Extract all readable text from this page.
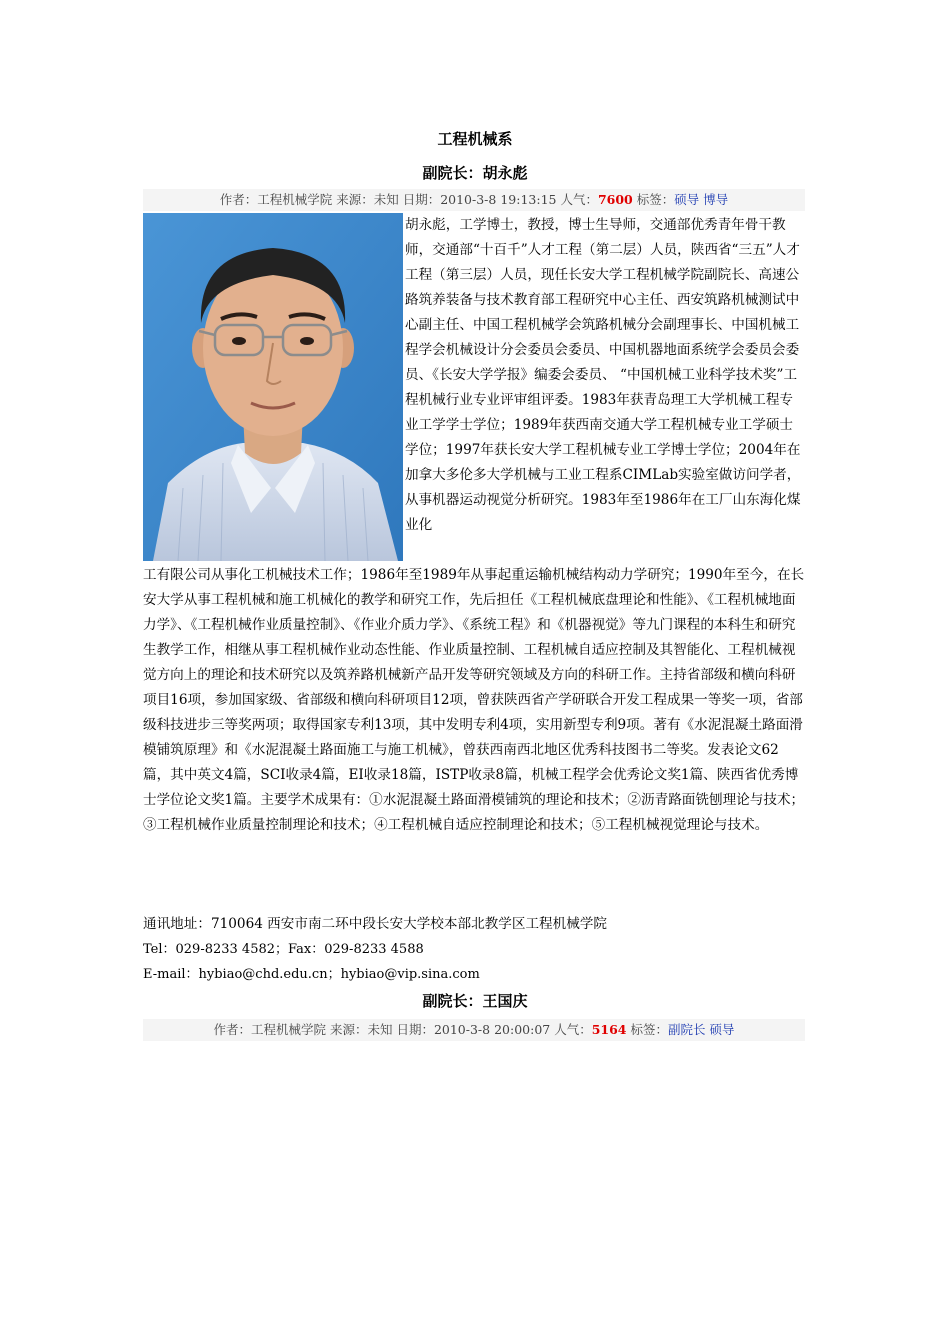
工程机械系
副院长：胡永彪
作者：工程机械学院 来源：未知 日期：2010-3-8 19:13:15 人气：7600 标签：硕导 博导
胡永彪，工学博士，教授，博士生导师，交通部优秀青年骨干教师，交通部“十百千”人才工程（第二层）人员，陕西省“三五”人才工程（第三层）人员，现任长安大学工程机械学院副院长、高速公路筑养装备与技术教育部工程研究中心主任、西安筑路机械测试中心副主任、中国工程机械学会筑路机械分会副理事长、中国机械工程学会机械设计分会委员会委员、中国机器地面系统学会委员会委员、《长安大学学报》编委会委员、 “中国机械工业科学技术奖”工程机械行业专业评审组评委。1983年获青岛理工大学机械工程专业工学学士学位；1989年获西南交通大学工程机械专业工学硕士学位；1997年获长安大学工程机械专业工学博士学位；2004年在加拿大多伦多大学机械与工业工程系CIMLab实验室做访问学者，从事机器运动视觉分析研究。1983年至1986年在工厂山东海化煤业化
工有限公司从事化工机械技术工作；1986年至1989年从事起重运输机械结构动力学研究；1990年至今，在长安大学从事工程机械和施工机械化的教学和研究工作，先后担任《工程机械底盘理论和性能》、《工程机械地面力学》、《工程机械作业质量控制》、《作业介质力学》、《系统工程》和《机器视觉》等九门课程的本科生和研究生教学工作，相继从事工程机械作业动态性能、作业质量控制、工程机械自适应控制及其智能化、工程机械视觉方向上的理论和技术研究以及筑养路机械新产品开发等研究领域及方向的科研工作。主持省部级和横向科研项目16项，参加国家级、省部级和横向科研项目12项，曾获陕西省产学研联合开发工程成果一等奖一项，省部级科技进步三等奖两项；取得国家专利13项，其中发明专利4项，实用新型专利9项。著有《水泥混凝土路面滑模铺筑原理》和《水泥混凝土路面施工与施工机械》，曾获西南西北地区优秀科技图书二等奖。发表论文62篇，其中英文4篇，SCI收录4篇，EI收录18篇，ISTP收录8篇，机械工程学会优秀论文奖1篇、陕西省优秀博士学位论文奖1篇。主要学术成果有：①水泥混凝土路面滑模铺筑的理论和技术；②沥青路面铣刨理论与技术；③工程机械作业质量控制理论和技术；④工程机械自适应控制理论和技术；⑤工程机械视觉理论与技术。
通讯地址：710064 西安市南二环中段长安大学校本部北教学区工程机械学院
Tel：029-8233 4582；Fax：029-8233 4588
E-mail：hybiao@chd.edu.cn；hybiao@vip.sina.com
副院长：王国庆
作者：工程机械学院 来源：未知 日期：2010-3-8 20:00:07 人气：5164 标签：副院长 硕导
